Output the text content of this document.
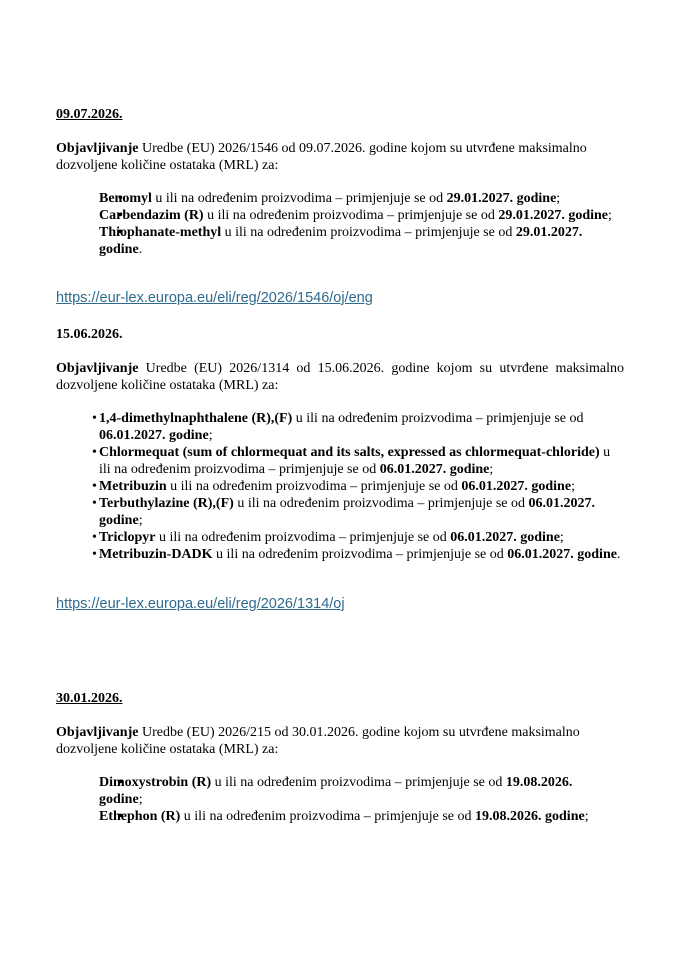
09.07.2026.

Objavljivanje Uredbe (EU) 2026/1546 od 09.07.2026. godine kojom su utvrđene maksimalno dozvoljene količine ostataka (MRL) za:

• Benomyl u ili na određenim proizvodima – primjenjuje se od 29.01.2027. godine;
• Carbendazim (R) u ili na određenim proizvodima – primjenjuje se od 29.01.2027. godine;
• Thiophanate-methyl u ili na određenim proizvodima – primjenjuje se od 29.01.2027. godine.
https://eur-lex.europa.eu/eli/reg/2026/1546/oj/eng

15.06.2026.

Objavljivanje Uredbe (EU) 2026/1314 od 15.06.2026. godine kojom su utvrđene maksimalno dozvoljene količine ostataka (MRL) za:

• 1,4-dimethylnaphthalene (R),(F) u ili na određenim proizvodima – primjenjuje se od 06.01.2027. godine;
• Chlormequat (sum of chlormequat and its salts, expressed as chlormequat-chloride) u ili na određenim proizvodima – primjenjuje se od 06.01.2027. godine;
• Metribuzin u ili na određenim proizvodima – primjenjuje se od 06.01.2027. godine;
• Terbuthylazine (R),(F) u ili na određenim proizvodima – primjenjuje se od 06.01.2027. godine;
• Triclopyr u ili na određenim proizvodima – primjenjuje se od 06.01.2027. godine;
• Metribuzin-DADK u ili na određenim proizvodima – primjenjuje se od 06.01.2027. godine.
https://eur-lex.europa.eu/eli/reg/2026/1314/oj

30.01.2026.

Objavljivanje Uredbe (EU) 2026/215 od 30.01.2026. godine kojom su utvrđene maksimalno dozvoljene količine ostataka (MRL) za:

• Dimoxystrobin (R) u ili na određenim proizvodima – primjenjuje se od 19.08.2026. godine;
• Ethephon (R) u ili na određenim proizvodima – primjenjuje se od 19.08.2026. godine;
